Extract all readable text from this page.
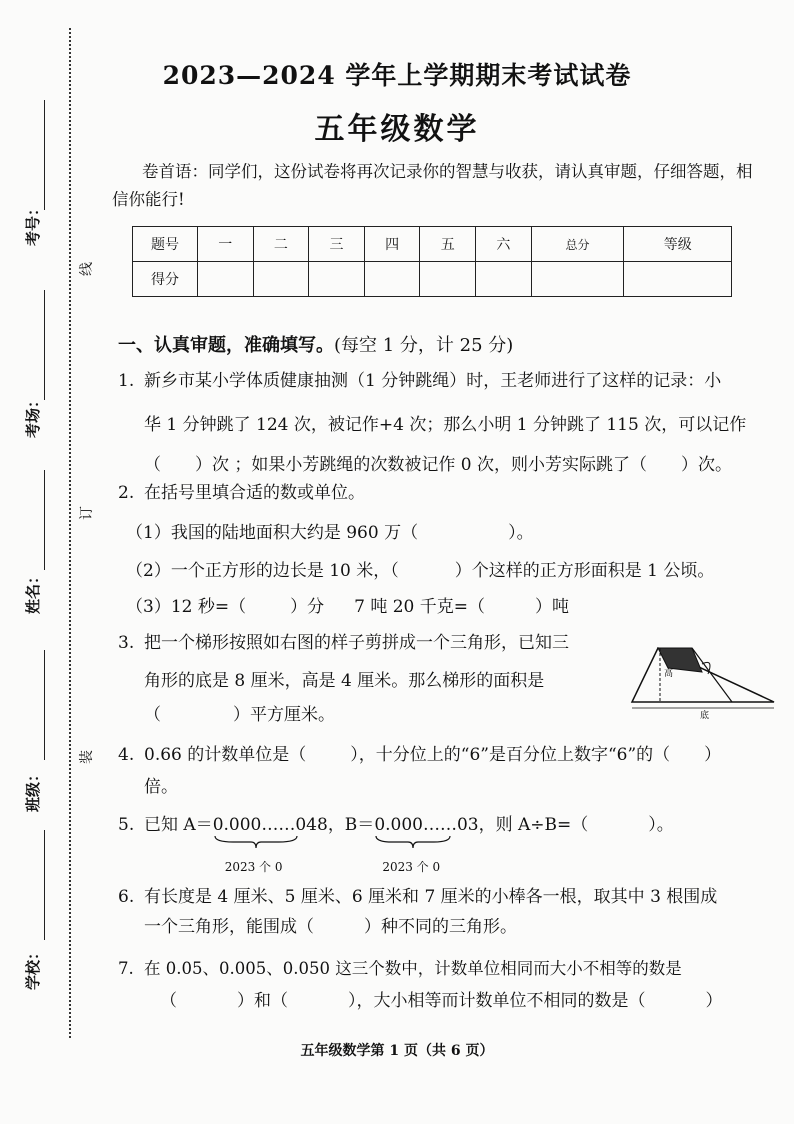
考号：
考场：
姓名：
班级：
学校：
线
订
装
2023—2024 学年上学期期末考试试卷
五年级数学
卷首语：同学们，这份试卷将再次记录你的智慧与收获，请认真审题，仔细答题，相信你能行!
题号	一	二	三	四	五	六	总分	等级
得分								
一、认真审题，准确填写。(每空 1 分，计 25 分)
1. 新乡市某小学体质健康抽测（1 分钟跳绳）时，王老师进行了这样的记录：小
华 1 分钟跳了 124 次，被记作+4 次；那么小明 1 分钟跳了 115 次，可以记作
（ ）次 ；如果小芳跳绳的次数被记作 0 次，则小芳实际跳了（ ）次。
2. 在括号里填合适的数或单位。
（1）我国的陆地面积大约是 960 万（	）。
（2）一个正方形的边长是 10 米，（	）个这样的正方形面积是 1 公顷。
（3）12 秒=（	）分 7 吨 20 千克=（	）吨
3. 把一个梯形按照如右图的样子剪拼成一个三角形，已知三
角形的底是 8 厘米，高是 4 厘米。那么梯形的面积是
（	）平方厘米。
高
底
4. 0.66 的计数单位是（	），十分位上的“6”是百分位上数字“6”的（ ）
倍。
5. 已知 A＝0.000……048
2023 个 0
，B＝0.000……03
2023 个 0
，则 A÷B=（	）。
6. 有长度是 4 厘米、5 厘米、6 厘米和 7 厘米的小棒各一根，取其中 3 根围成
一个三角形，能围成（	）种不同的三角形。
7. 在 0.05、0.005、0.050 这三个数中，计数单位相同而大小不相等的数是
（	）和（	），大小相等而计数单位不相同的数是（	）
五年级数学第 1 页（共 6 页）
